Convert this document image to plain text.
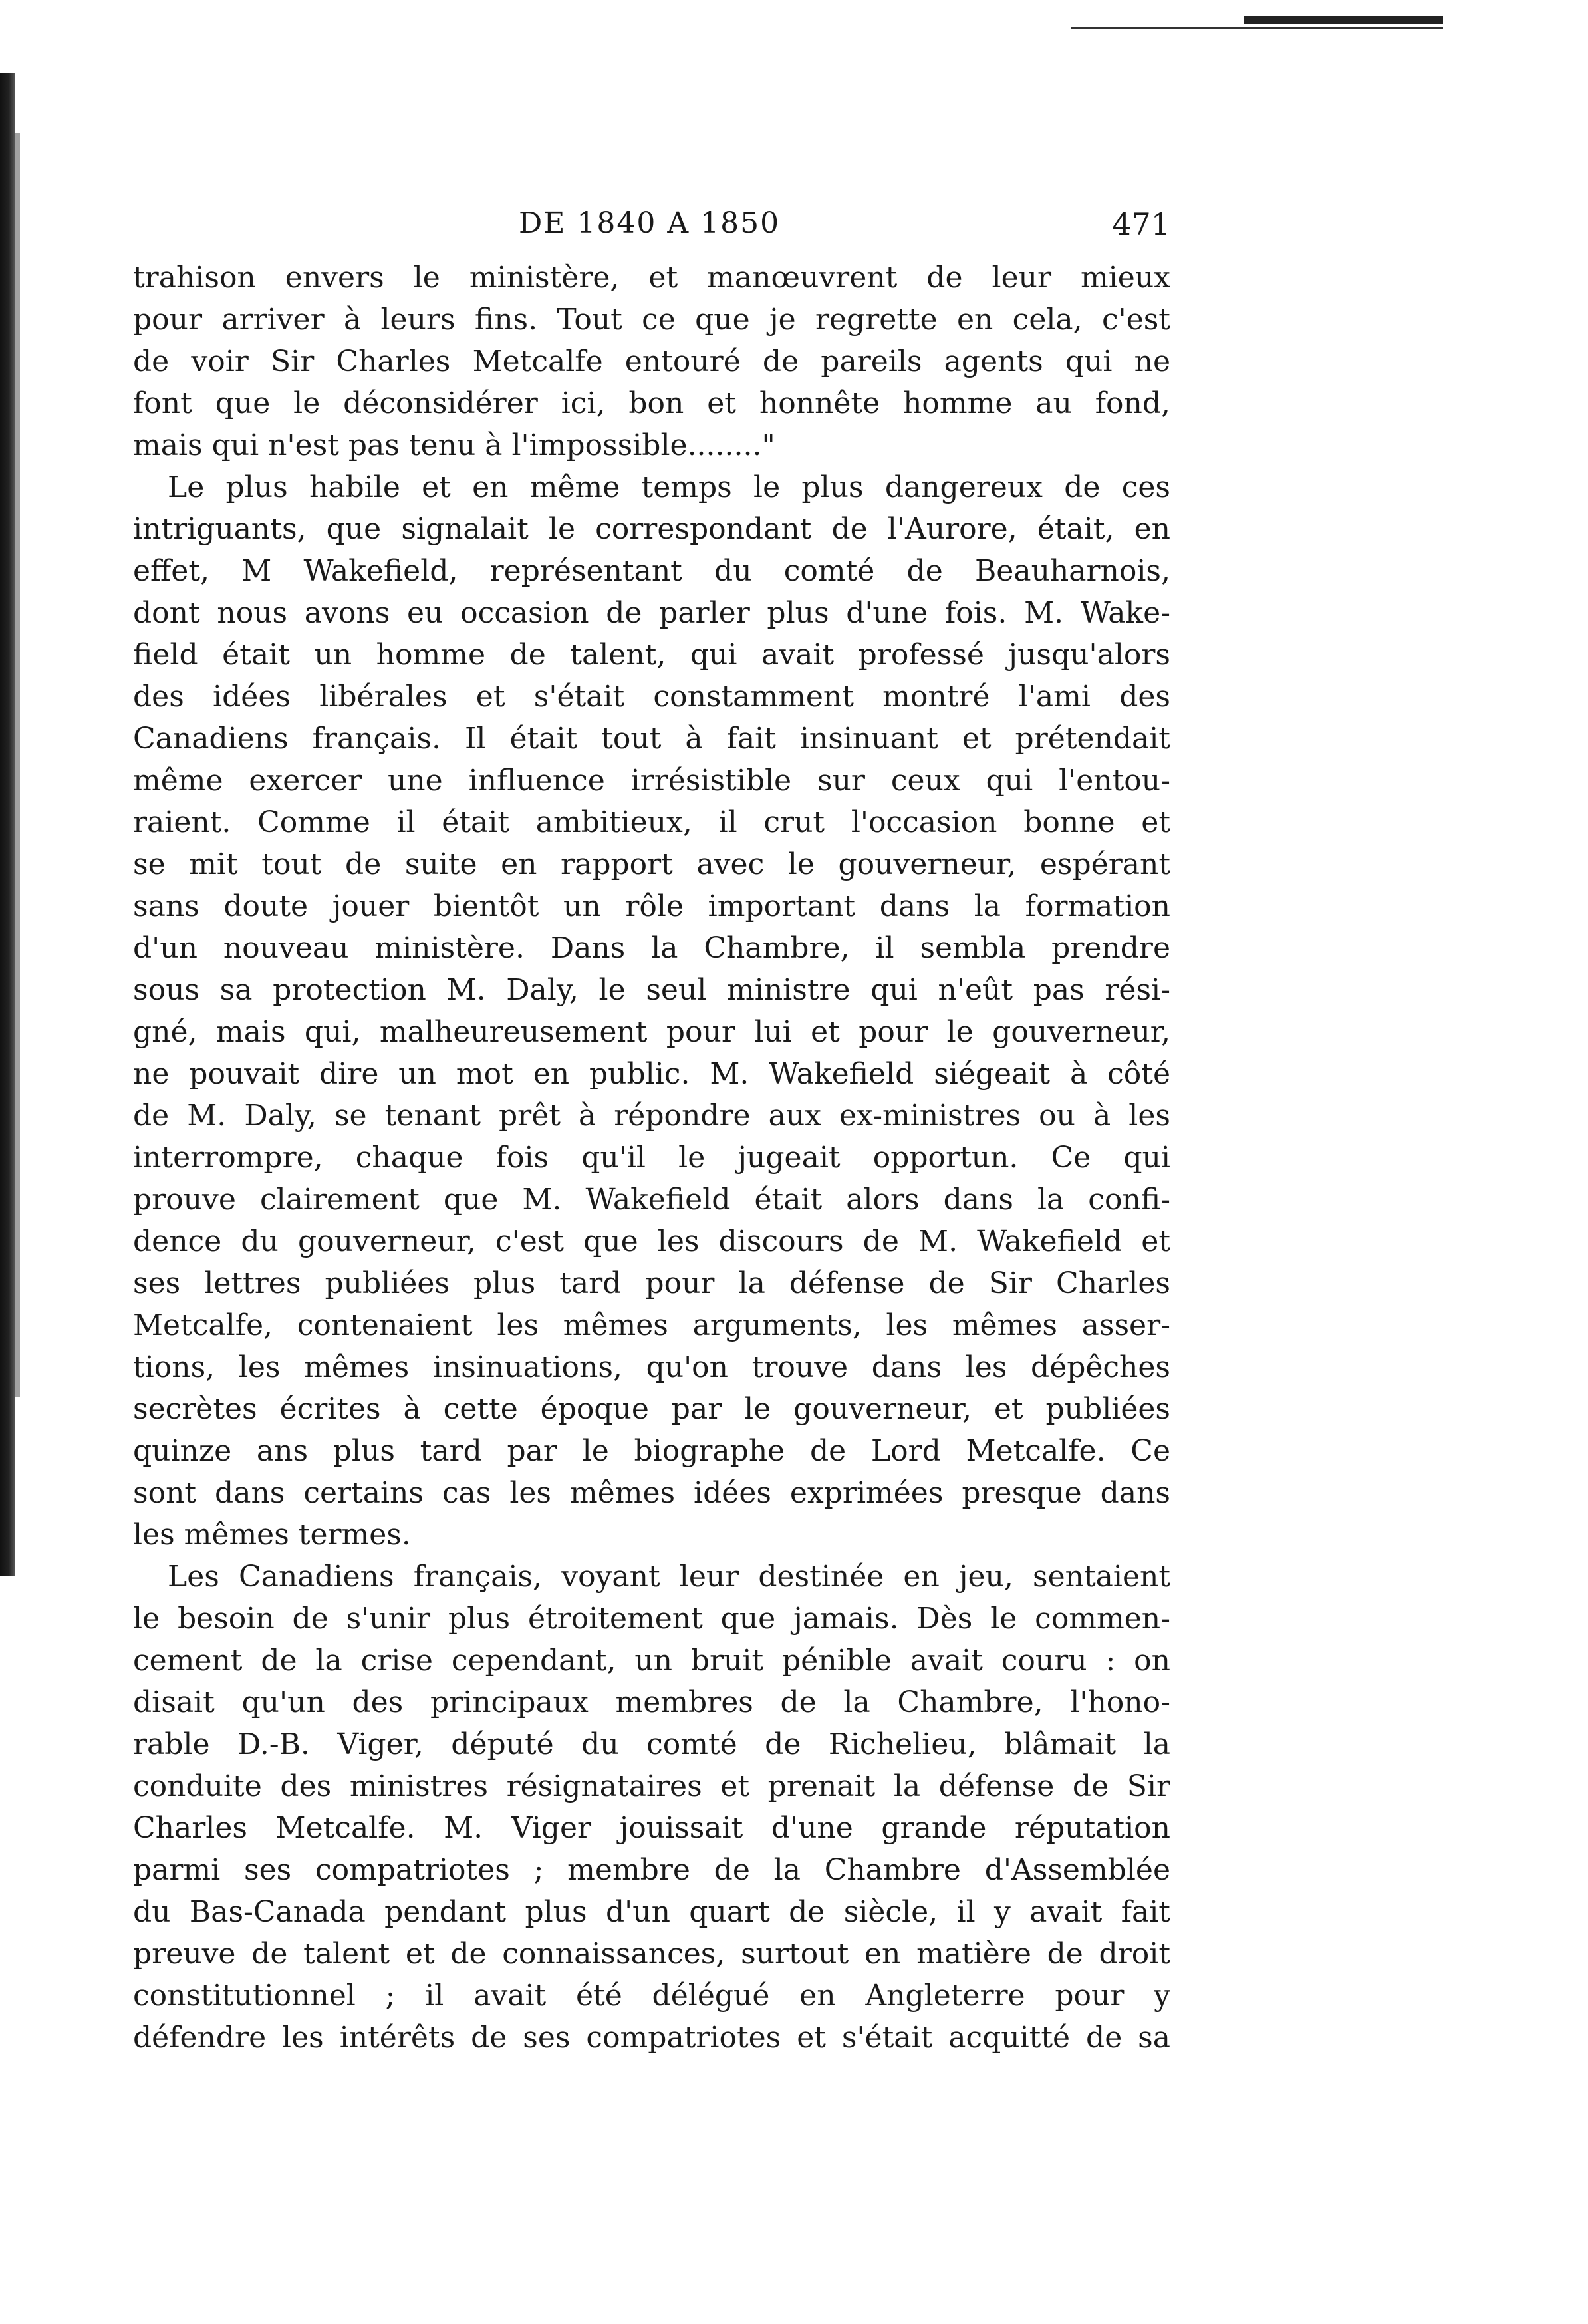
DE 1840 A 1850	471
trahison envers le ministère, et manœuvrent de leur mieux
pour arriver à leurs fins. Tout ce que je regrette en cela, c'est
de voir Sir Charles Metcalfe entouré de pareils agents qui ne
font que le déconsidérer ici, bon et honnête homme au fond,
mais qui n'est pas tenu à l'impossible........"
Le plus habile et en même temps le plus dangereux de ces
intriguants, que signalait le correspondant de l'Aurore, était, en
effet, M Wakefield, représentant du comté de Beauharnois,
dont nous avons eu occasion de parler plus d'une fois. M. Wake-
field était un homme de talent, qui avait professé jusqu'alors
des idées libérales et s'était constamment montré l'ami des
Canadiens français. Il était tout à fait insinuant et prétendait
même exercer une influence irrésistible sur ceux qui l'entou-
raient. Comme il était ambitieux, il crut l'occasion bonne et
se mit tout de suite en rapport avec le gouverneur, espérant
sans doute jouer bientôt un rôle important dans la formation
d'un nouveau ministère. Dans la Chambre, il sembla prendre
sous sa protection M. Daly, le seul ministre qui n'eût pas rési-
gné, mais qui, malheureusement pour lui et pour le gouverneur,
ne pouvait dire un mot en public. M. Wakefield siégeait à côté
de M. Daly, se tenant prêt à répondre aux ex-ministres ou à les
interrompre, chaque fois qu'il le jugeait opportun. Ce qui
prouve clairement que M. Wakefield était alors dans la confi-
dence du gouverneur, c'est que les discours de M. Wakefield et
ses lettres publiées plus tard pour la défense de Sir Charles
Metcalfe, contenaient les mêmes arguments, les mêmes asser-
tions, les mêmes insinuations, qu'on trouve dans les dépêches
secrètes écrites à cette époque par le gouverneur, et publiées
quinze ans plus tard par le biographe de Lord Metcalfe. Ce
sont dans certains cas les mêmes idées exprimées presque dans
les mêmes termes.
Les Canadiens français, voyant leur destinée en jeu, sentaient
le besoin de s'unir plus étroitement que jamais. Dès le commen-
cement de la crise cependant, un bruit pénible avait couru : on
disait qu'un des principaux membres de la Chambre, l'hono-
rable D.-B. Viger, député du comté de Richelieu, blâmait la
conduite des ministres résignataires et prenait la défense de Sir
Charles Metcalfe. M. Viger jouissait d'une grande réputation
parmi ses compatriotes ; membre de la Chambre d'Assemblée
du Bas-Canada pendant plus d'un quart de siècle, il y avait fait
preuve de talent et de connaissances, surtout en matière de droit
constitutionnel ; il avait été délégué en Angleterre pour y
défendre les intérêts de ses compatriotes et s'était acquitté de sa
